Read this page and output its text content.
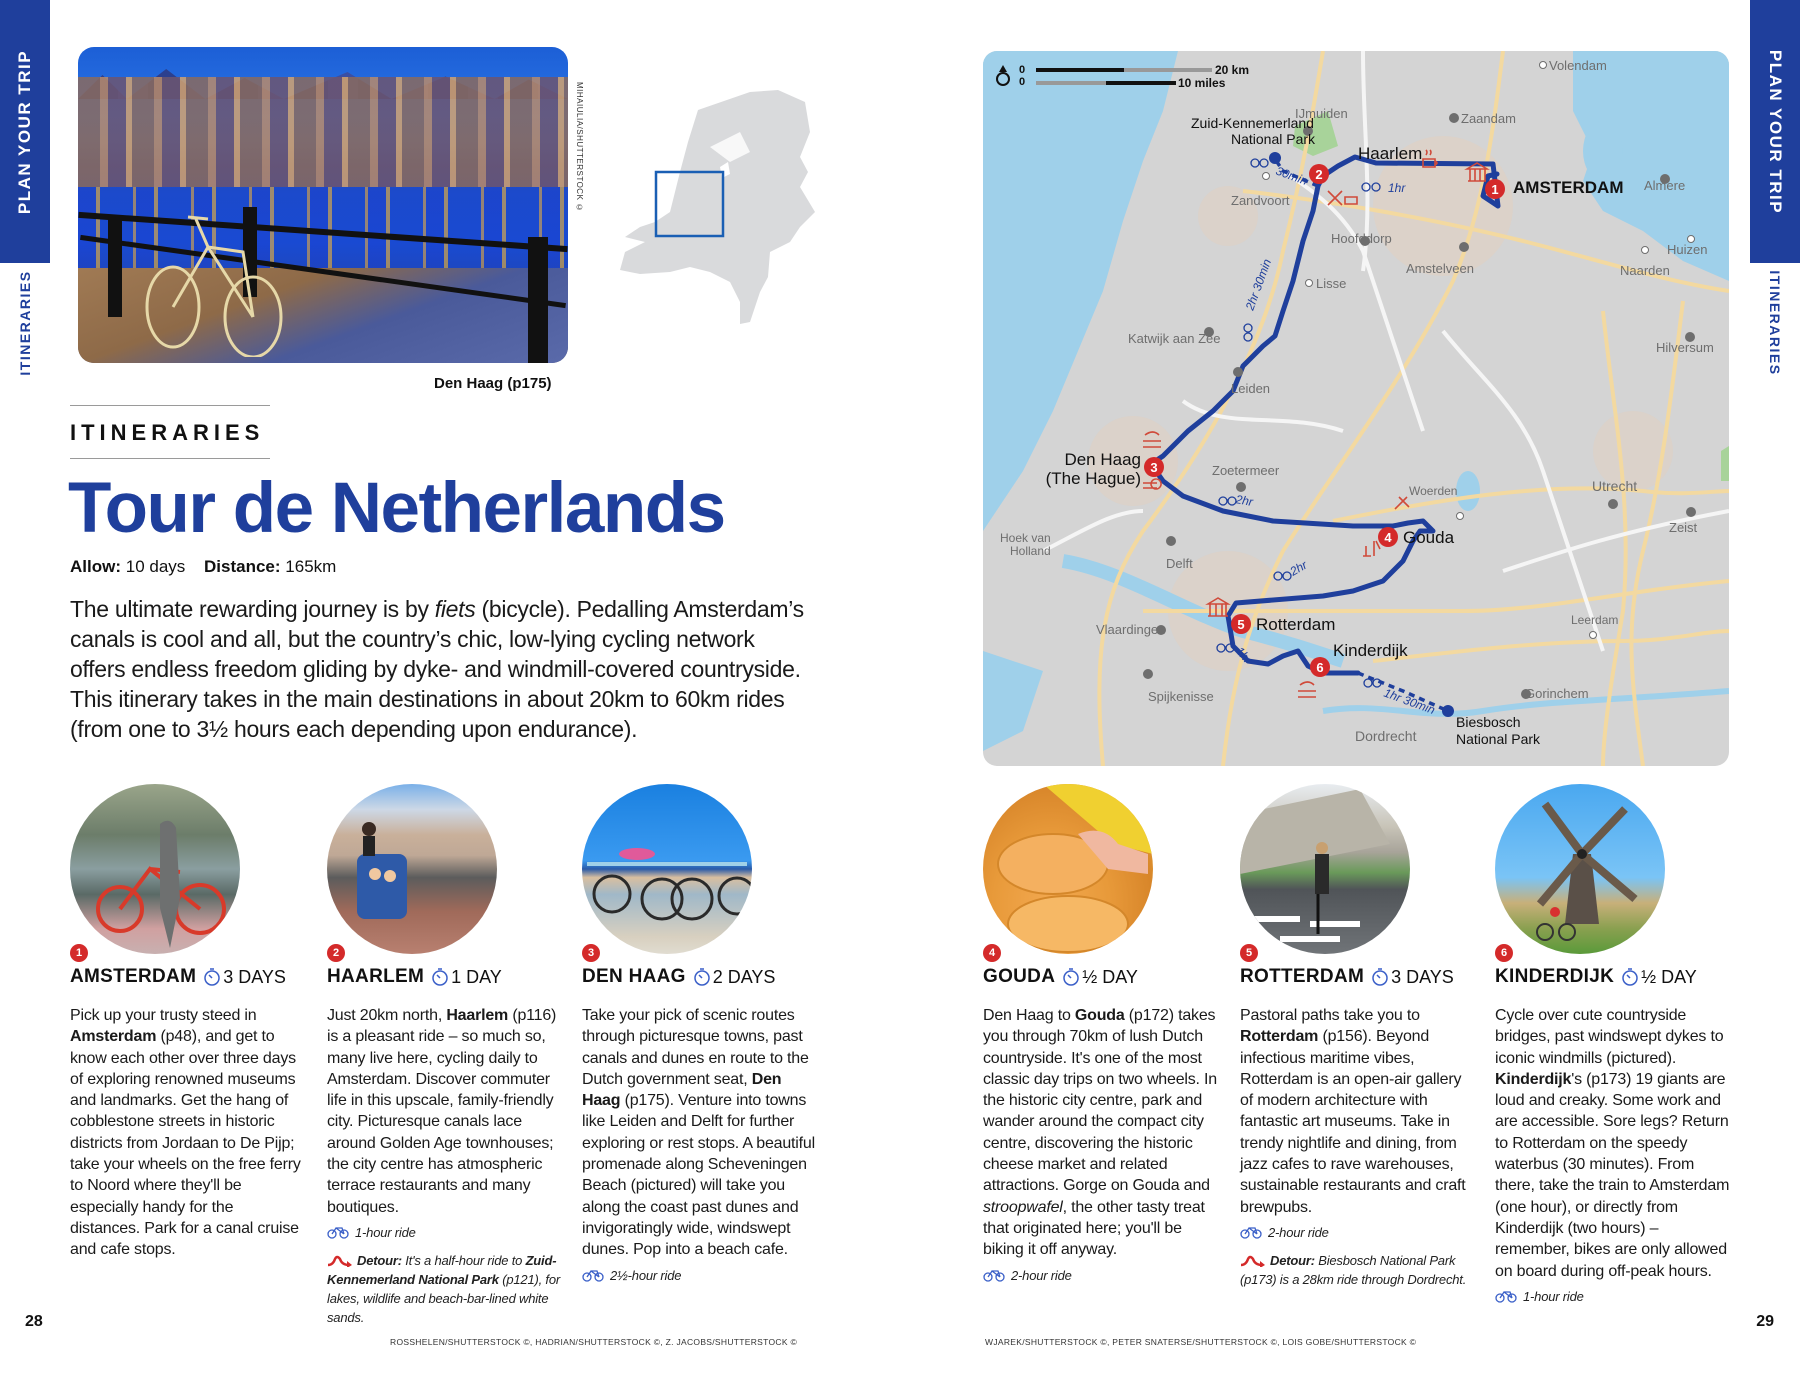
PLAN YOUR TRIP
ITINERARIES
PLAN YOUR TRIP
ITINERARIES
MIHAIULIA/SHUTTERSTOCK ©
Den Haag (p175)
ITINERARIES
Tour de Netherlands
Allow: 10 days Distance: 165km

The ultimate rewarding journey is by fiets (bicycle). Pedalling Amsterdam’s canals is cool and all, but the country’s chic, low-lying cycling network offers endless freedom gliding by dyke- and windmill-covered countryside. This itinerary takes in the main destinations in about 20km to 60km rides (from one to 3½ hours each depending upon endurance).

0
0
20 km
10 miles
IJmuiden	Zaandam
Volendam
Zandvoort
Almere
Huizen
Hoofddorp
Amstelveen	Naarden
Lisse
Hilversum
Katwijk aan Zee
Leiden
Utrecht
Zoetermeer
Woerden
Zeist
Hoek van
Holland
Delft
Vlaardingen
Leerdam
Spijkenisse	Gorinchem
Dordrecht
Zuid-Kennemerland
National Park
Biesbosch
National Park
1hr
30min
2hr 30min
2hr
2hr
1hr
1hr 30min
1 AMSTERDAM
2
Haarlem
3
Den Haag
(The Hague)
4 Gouda
5 Rotterdam
6
Kinderdijk
1
AMSTERDAM 3 DAYS
Pick up your trusty steed in Amsterdam (p48), and get to know each other over three days of exploring renowned museums and landmarks. Get the hang of cobblestone streets in historic districts from Jordaan to De Pijp; take your wheels on the free ferry to Noord where they'll be especially handy for the distances. Park for a canal cruise and cafe stops.
2
HAARLEM 1 DAY
Just 20km north, Haarlem (p116) is a pleasant ride – so much so, many live here, cycling daily to Amsterdam. Discover commuter life in this upscale, family-friendly city. Picturesque canals lace around Golden Age townhouses; the city centre has atmospheric terrace restaurants and many boutiques.
1-hour ride
Detour: It's a half-hour ride to Zuid-Kennemerland National Park (p121), for lakes, wildlife and beach-bar-lined white sands.
3
DEN HAAG 2 DAYS
Take your pick of scenic routes through picturesque towns, past canals and dunes en route to the Dutch government seat, Den Haag (p175). Venture into towns like Leiden and Delft for further exploring or rest stops. A beautiful promenade along Scheveningen Beach (pictured) will take you along the coast past dunes and invigoratingly wide, windswept dunes. Pop into a beach cafe.
2½-hour ride
4
GOUDA ½ DAY
Den Haag to Gouda (p172) takes you through 70km of lush Dutch countryside. It's one of the most classic day trips on two wheels. In the historic city centre, park and wander around the compact city centre, discovering the historic cheese market and related attractions. Gorge on Gouda and stroopwafel, the other tasty treat that originated here; you'll be biking it off anyway.
2-hour ride
5
ROTTERDAM 3 DAYS
Pastoral paths take you to Rotterdam (p156). Beyond infectious maritime vibes, Rotterdam is an open-air gallery of modern architecture with fantastic art museums. Take in trendy nightlife and dining, from jazz cafes to rave warehouses, sustainable restaurants and craft brewpubs.
2-hour ride
Detour: Biesbosch National Park (p173) is a 28km ride through Dordrecht.
6
KINDERDIJK ½ DAY
Cycle over cute countryside bridges, past windswept dykes to iconic windmills (pictured). Kinderdijk's (p173) 19 giants are loud and creaky. Some work and are accessible. Sore legs? Return to Rotterdam on the speedy waterbus (30 minutes). From there, take the train to Amsterdam (one hour), or directly from Kinderdijk (two hours) – remember, bikes are only allowed on board during off-peak hours.
1-hour ride
28	29
ROSSHELEN/SHUTTERSTOCK ©, HADRIAN/SHUTTERSTOCK ©, Z. JACOBS/SHUTTERSTOCK ©	WJAREK/SHUTTERSTOCK ©, PETER SNATERSE/SHUTTERSTOCK ©, LOIS GOBE/SHUTTERSTOCK ©
